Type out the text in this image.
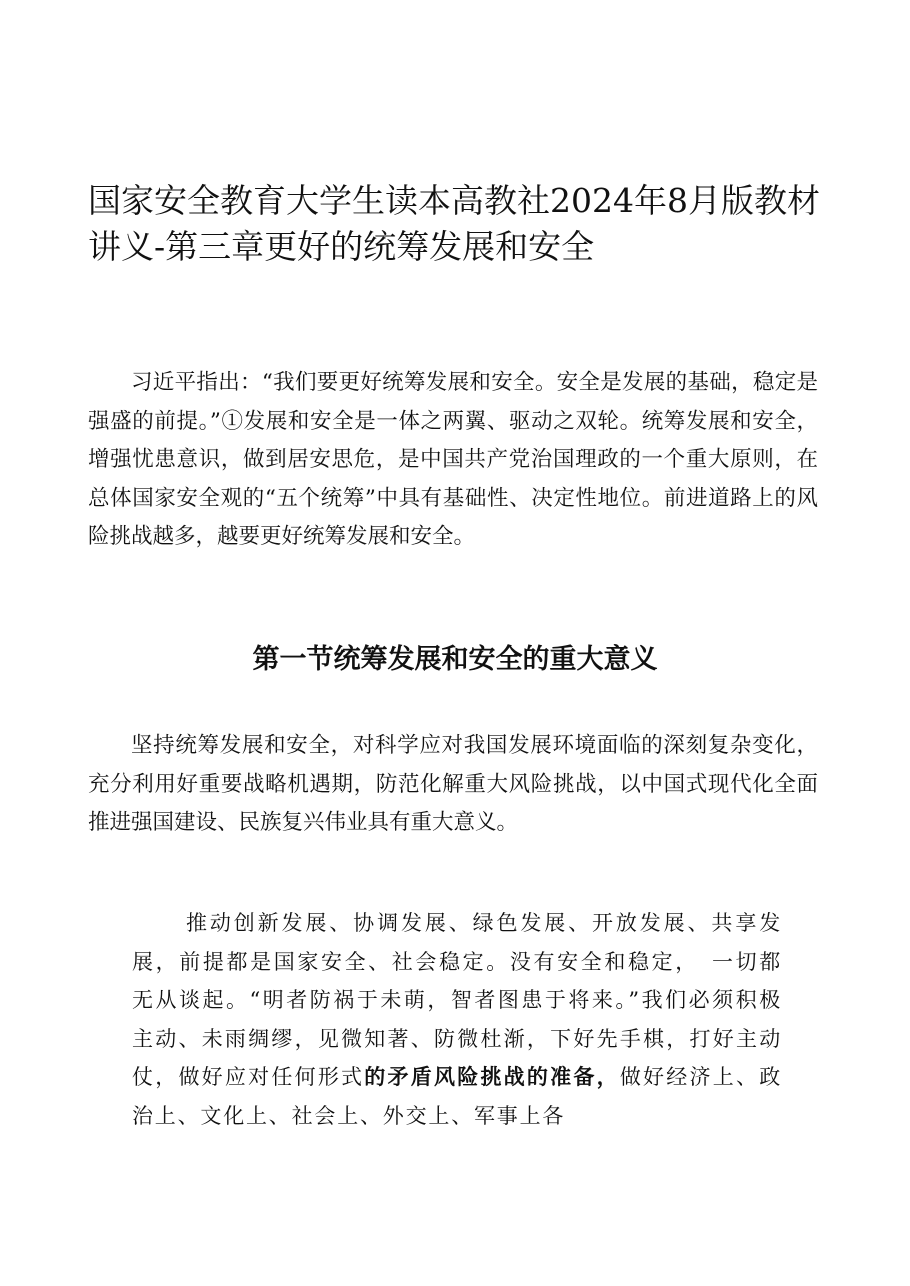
国家安全教育大学生读本高教社2024年8月版教材讲义-第三章更好的统筹发展和安全

习近平指出：“我们要更好统筹发展和安全。安全是发展的基础，稳定是强盛的前提。”①发展和安全是一体之两翼、驱动之双轮。统筹发展和安全，增强忧患意识，做到居安思危，是中国共产党治国理政的一个重大原则，在总体国家安全观的“五个统筹”中具有基础性、决定性地位。前进道路上的风险挑战越多，越要更好统筹发展和安全。

第一节统筹发展和安全的重大意义

坚持统筹发展和安全，对科学应对我国发展环境面临的深刻复杂变化，充分利用好重要战略机遇期，防范化解重大风险挑战，以中国式现代化全面推进强国建设、民族复兴伟业具有重大意义。

推动创新发展、协调发展、绿色发展、开放发展、共享发展，前提都是国家安全、社会稳定。没有安全和稳定，　一切都无从谈起。“明者防祸于未萌，智者图患于将来。”我们必须积极主动、未雨绸缪，见微知著、防微杜渐，下好先手棋，打好主动仗，做好应对任何形式的矛盾风险挑战的准备，做好经济上、政治上、文化上、社会上、外交上、军事上各
